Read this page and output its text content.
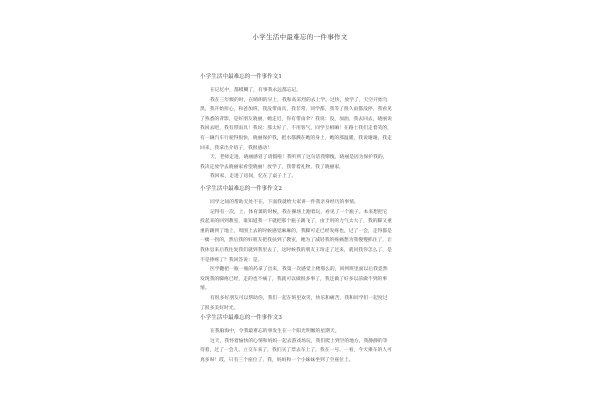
小学生活中最难忘的一件事作文
小学生活中最难忘的一件事作文1

在记忆中，都模糊了，有事我永远都忘记。

我在三年级的时，在晴朗的早上，我和高采烈的去上学。过快，放学了，天空开始乌黑，我开始担心，和爸加班，我没带雨具，我非常，同学都，我等了很久雨都没停，我看见了熟悉的背影，是好朋友晓丽，她走近，你有带雨伞？我说：没，加油，我去回去，晓丽说我回去吧，我有带雨具！我说：那太好了，不用客气，同学互相嘛！在路上我们走着笑的，有一辆汽车行驶得很快，晓丽保护我，把水都溅在她的身上，她的那温暖，我说谢谢，我走回来，我拿出介绍子，我很感动！

天，老师走进，晓丽感冒了请假啦！我听到了这句话我惭愧，晓丽是因为保护我的，我决定放学去晓丽家看望晓丽！放学了，我带着礼物，我了晓丽家，

我回家，走进了房间，忆在了桌子上了。

小学生活中最难忘的一件事作文2

同学之间的帮助无处不在，下面我就给大家讲一件我亲身经历的事情。

记得有一次，上、体育课的时候，我在操场上跑着玩，看见了一个瓶子。本来想把它投起来的回到教室，谁知道我一下就把那个瓶子踢飞了，由于用的力气太大了，我的脚又重重的踢到了地上，周围上去的时候感觉麻麻的，我脚可走已经发疼也，过了一会，走得都是一瘸一拐的，然后我的好朋友把我扶到了教室，她为了减轻我的疼痛想为我慢慢抓住了，让我休息来后我往复我们就到我里去了，这时候我的朋友王珍走了过来，就问我你怎么了，是不是摔疼了？我回答说：是。

医学翻把一瓶一瓶的药拿了出来，我第一次感觉上楼那么的，回到班里面以后我竟然发现我的脚疼已经，走的也不痛了，我就可以做很多事了，我还做了好多以前做不到的事情。

有很多好朋友可以帮助你，我们一起在班里欢笑，快乐和痛苦，我和同学们一起度过了很多美好时光。

小学生活中最难忘的一件事作文3

在我脑海中，令我最难忘的事发生在一个阳光明媚的星期天。

这天，我怀着愉快的心情和妈妈一起去游戏场玩，我们爬上到空的地方，我静静的等待着，过了一会儿，立交车来了，我们买了票去车上了，我在一号、一看，今天乘车的人可真多呀！哎，只有三个座位了，我，妈妈和一个小妹妹坐到了空座位上。
